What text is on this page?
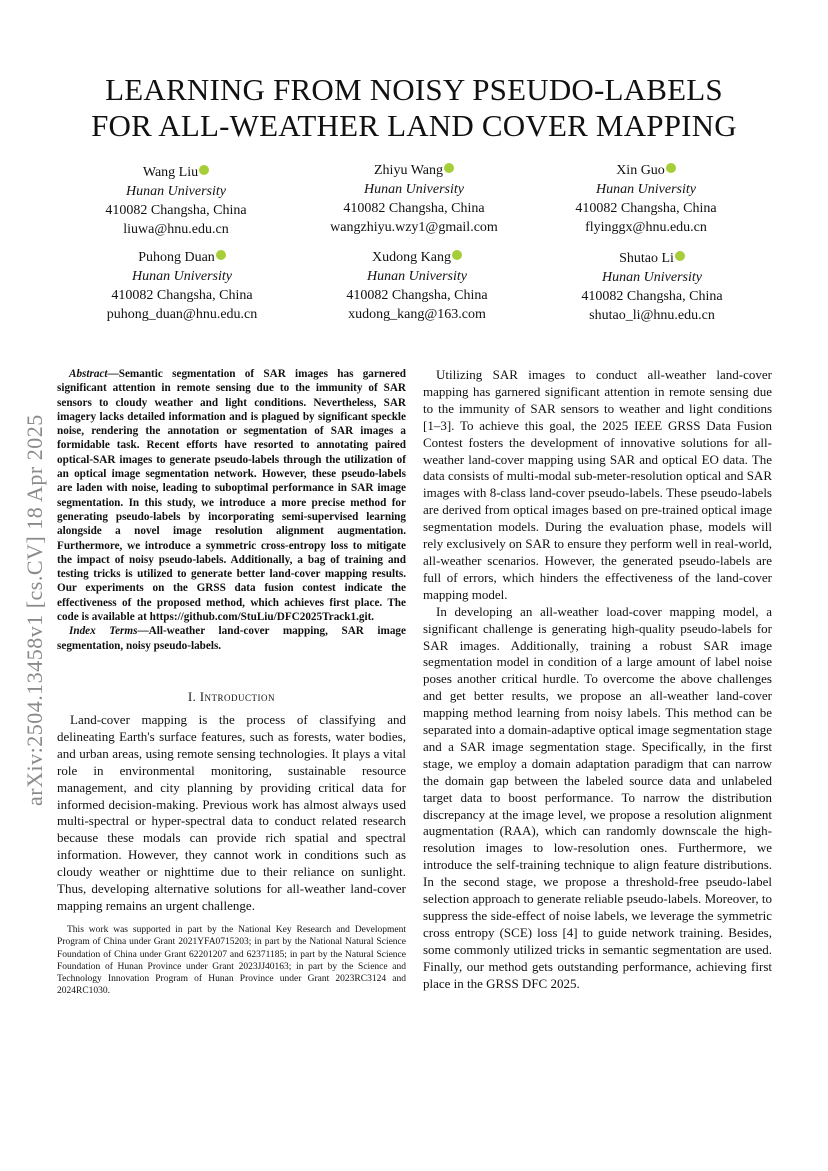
arXiv:2504.13458v1 [cs.CV] 18 Apr 2025
LEARNING FROM NOISY PSEUDO-LABELS
FOR ALL-WEATHER LAND COVER MAPPING
Wang Liu
Hunan University
410082 Changsha, China
liuwa@hnu.edu.cn
Zhiyu Wang
Hunan University
410082 Changsha, China
wangzhiyu.wzy1@gmail.com
Xin Guo
Hunan University
410082 Changsha, China
flyinggx@hnu.edu.cn
Puhong Duan
Hunan University
410082 Changsha, China
puhong_duan@hnu.edu.cn
Xudong Kang
Hunan University
410082 Changsha, China
xudong_kang@163.com
Shutao Li
Hunan University
410082 Changsha, China
shutao_li@hnu.edu.cn

Abstract—Semantic segmentation of SAR images has garnered significant attention in remote sensing due to the immunity of SAR sensors to cloudy weather and light conditions. Nevertheless, SAR imagery lacks detailed information and is plagued by significant speckle noise, rendering the annotation or segmentation of SAR images a formidable task. Recent efforts have resorted to annotating paired optical-SAR images to generate pseudo-labels through the utilization of an optical image segmentation network. However, these pseudo-labels are laden with noise, leading to suboptimal performance in SAR image segmentation. In this study, we introduce a more precise method for generating pseudo-labels by incorporating semi-supervised learning alongside a novel image resolution alignment augmentation. Furthermore, we introduce a symmetric cross-entropy loss to mitigate the impact of noisy pseudo-labels. Additionally, a bag of training and testing tricks is utilized to generate better land-cover mapping results. Our experiments on the GRSS data fusion contest indicate the effectiveness of the proposed method, which achieves first place. The code is available at https://github.com/StuLiu/DFC2025Track1.git.

Index Terms—All-weather land-cover mapping, SAR image segmentation, noisy pseudo-labels.

I. Introduction

Land-cover mapping is the process of classifying and delineating Earth's surface features, such as forests, water bodies, and urban areas, using remote sensing technologies. It plays a vital role in environmental monitoring, sustainable resource management, and city planning by providing critical data for informed decision-making. Previous work has almost always used multi-spectral or hyper-spectral data to conduct related research because these modals can provide rich spatial and spectral information. However, they cannot work in conditions such as cloudy weather or nighttime due to their reliance on sunlight. Thus, developing alternative solutions for all-weather land-cover mapping remains an urgent challenge.

This work was supported in part by the National Key Research and Development Program of China under Grant 2021YFA0715203; in part by the National Natural Science Foundation of China under Grant 62201207 and 62371185; in part by the Natural Science Foundation of Hunan Province under Grant 2023JJ40163; in part by the Science and Technology Innovation Program of Hunan Province under Grant 2023RC3124 and 2024RC1030.

Utilizing SAR images to conduct all-weather land-cover mapping has garnered significant attention in remote sensing due to the immunity of SAR sensors to weather and light conditions [1–3]. To achieve this goal, the 2025 IEEE GRSS Data Fusion Contest fosters the development of innovative solutions for all-weather land-cover mapping using SAR and optical EO data. The data consists of multi-modal sub-meter-resolution optical and SAR images with 8-class land-cover pseudo-labels. These pseudo-labels are derived from optical images based on pre-trained optical image segmentation models. During the evaluation phase, models will rely exclusively on SAR to ensure they perform well in real-world, all-weather scenarios. However, the generated pseudo-labels are full of errors, which hinders the effectiveness of the land-cover mapping model.

In developing an all-weather load-cover mapping model, a significant challenge is generating high-quality pseudo-labels for SAR images. Additionally, training a robust SAR image segmentation model in condition of a large amount of label noise poses another critical hurdle. To overcome the above challenges and get better results, we propose an all-weather land-cover mapping method learning from noisy labels. This method can be separated into a domain-adaptive optical image segmentation stage and a SAR image segmentation stage. Specifically, in the first stage, we employ a domain adaptation paradigm that can narrow the domain gap between the labeled source data and unlabeled target data to boost performance. To narrow the distribution discrepancy at the image level, we propose a resolution alignment augmentation (RAA), which can randomly downscale the high-resolution images to low-resolution ones. Furthermore, we introduce the self-training technique to align feature distributions. In the second stage, we propose a threshold-free pseudo-label selection approach to generate reliable pseudo-labels. Moreover, to suppress the side-effect of noise labels, we leverage the symmetric cross entropy (SCE) loss [4] to guide network training. Besides, some commonly utilized tricks in semantic segmentation are used. Finally, our method gets outstanding performance, achieving first place in the GRSS DFC 2025.
